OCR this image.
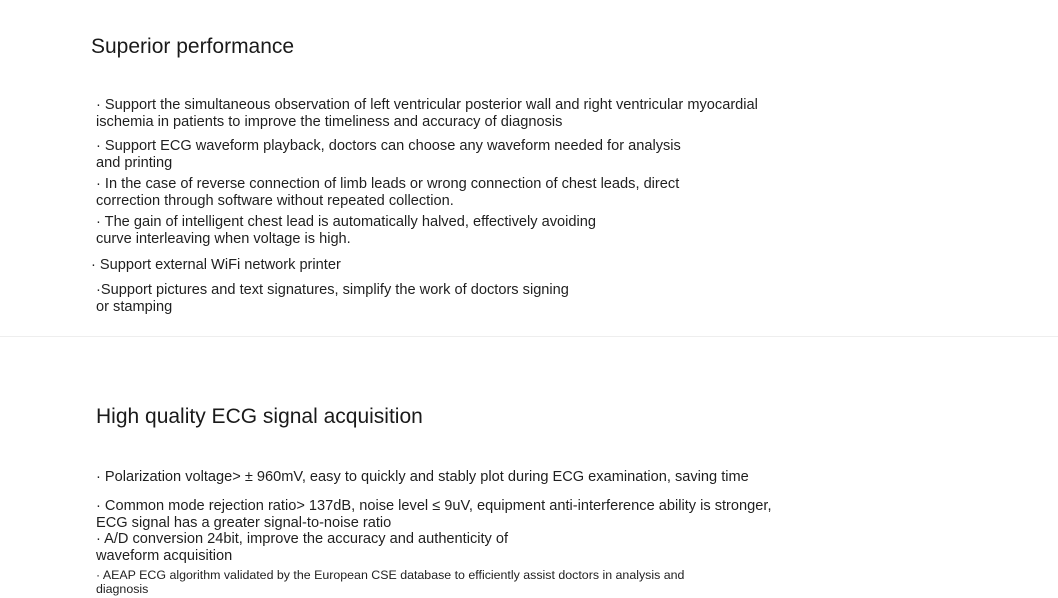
Superior performance

· Support the simultaneous observation of left ventricular posterior wall and right ventricular myocardial
ischemia in patients to improve the timeliness and accuracy of diagnosis

· Support ECG waveform playback, doctors can choose any waveform needed for analysis
and printing

· In the case of reverse connection of limb leads or wrong connection of chest leads, direct
correction through software without repeated collection.

· The gain of intelligent chest lead is automatically halved, effectively avoiding
curve interleaving when voltage is high.

· Support external WiFi network printer

·Support pictures and text signatures, simplify the work of doctors signing
or stamping

High quality ECG signal acquisition

· Polarization voltage> ± 960mV, easy to quickly and stably plot during ECG examination, saving time

· Common mode rejection ratio> 137dB, noise level ≤ 9uV, equipment anti-interference ability is stronger,
ECG signal has a greater signal-to-noise ratio

· A/D conversion 24bit, improve the accuracy and authenticity of
waveform acquisition

· AEAP ECG algorithm validated by the European CSE database to efficiently assist doctors in analysis and
diagnosis
